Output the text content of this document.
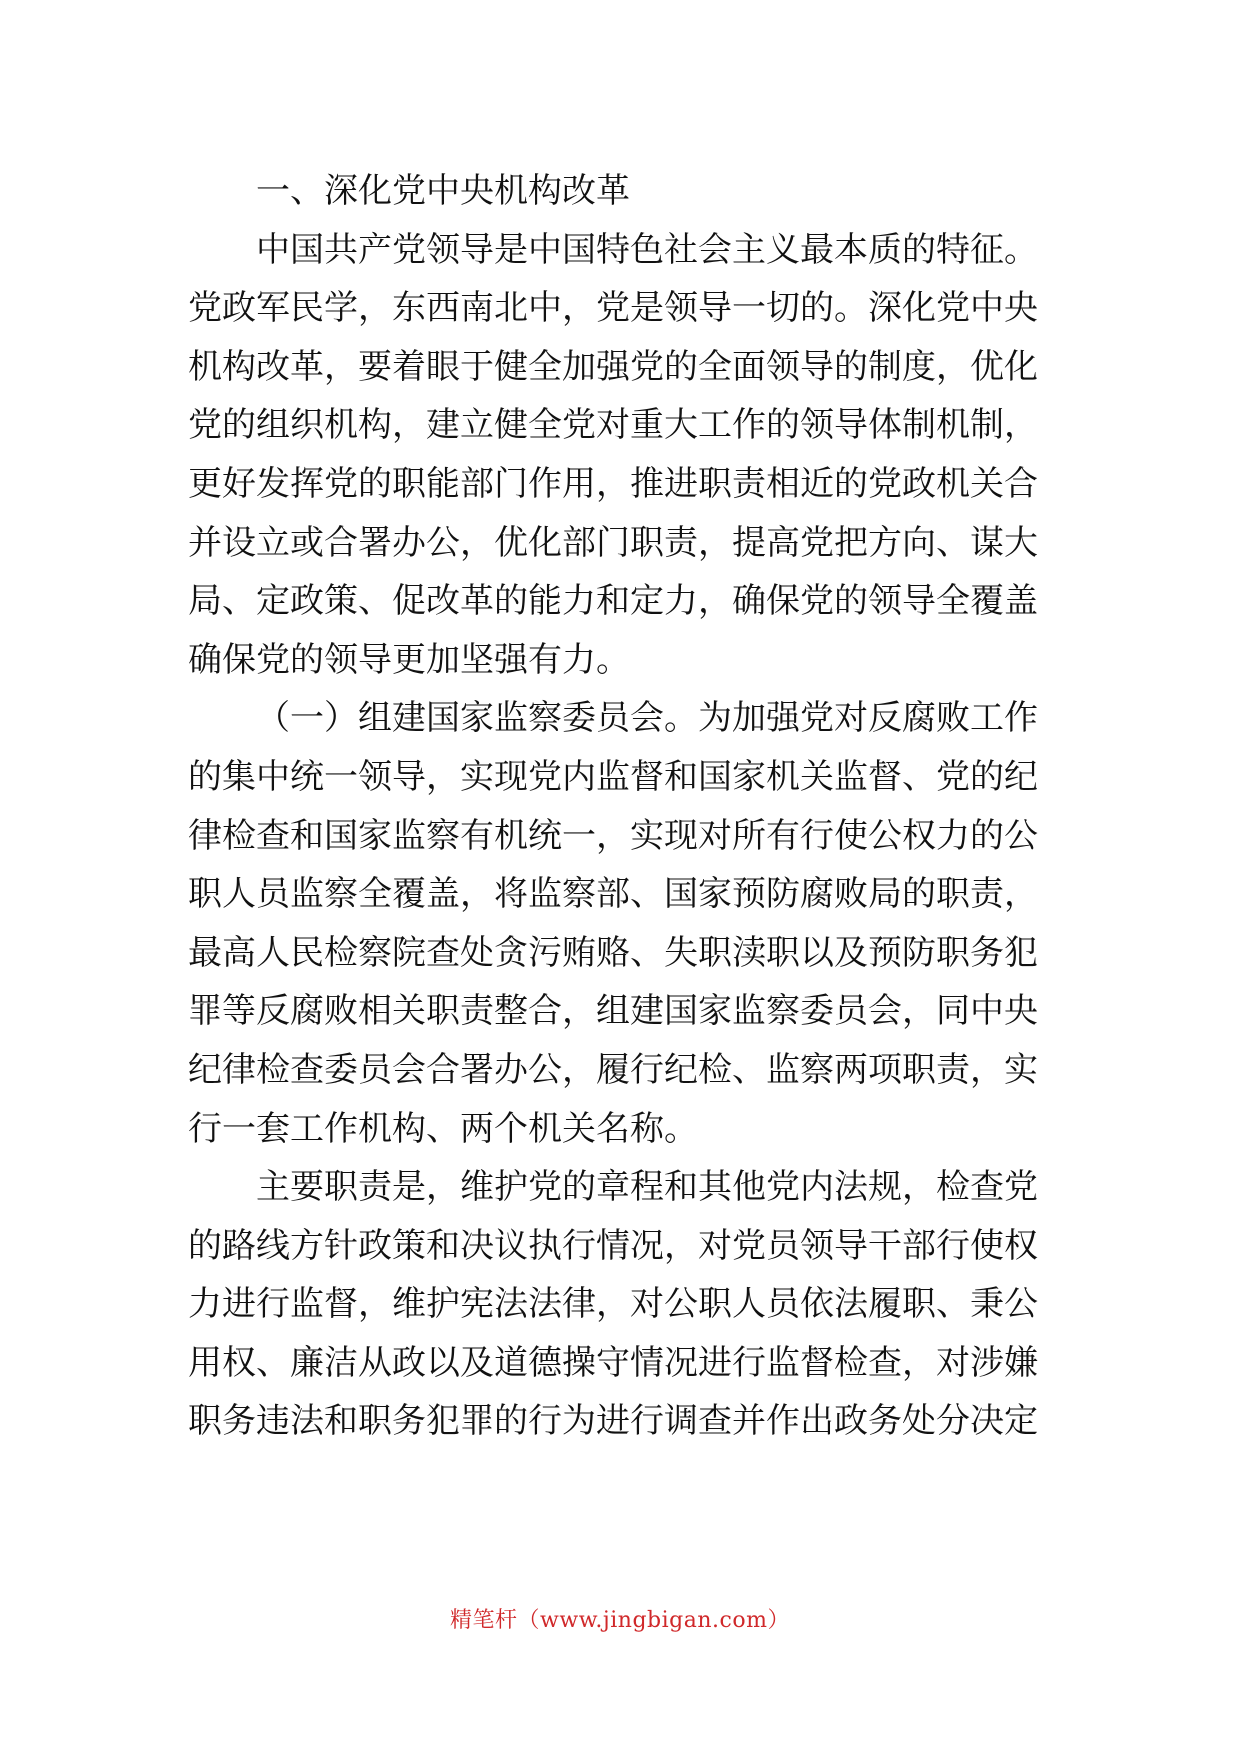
一、深化党中央机构改革
中国共产党领导是中国特色社会主义最本质的特征。
党政军民学，东西南北中，党是领导一切的。深化党中央
机构改革，要着眼于健全加强党的全面领导的制度，优化
党的组织机构，建立健全党对重大工作的领导体制机制，
更好发挥党的职能部门作用，推进职责相近的党政机关合
并设立或合署办公，优化部门职责，提高党把方向、谋大
局、定政策、促改革的能力和定力，确保党的领导全覆盖
确保党的领导更加坚强有力。
（一）组建国家监察委员会。为加强党对反腐败工作
的集中统一领导，实现党内监督和国家机关监督、党的纪
律检查和国家监察有机统一，实现对所有行使公权力的公
职人员监察全覆盖，将监察部、国家预防腐败局的职责，
最高人民检察院查处贪污贿赂、失职渎职以及预防职务犯
罪等反腐败相关职责整合，组建国家监察委员会，同中央
纪律检查委员会合署办公，履行纪检、监察两项职责，实
行一套工作机构、两个机关名称。
主要职责是，维护党的章程和其他党内法规，检查党
的路线方针政策和决议执行情况，对党员领导干部行使权
力进行监督，维护宪法法律，对公职人员依法履职、秉公
用权、廉洁从政以及道德操守情况进行监督检查，对涉嫌
职务违法和职务犯罪的行为进行调查并作出政务处分决定
精笔杆（www.jingbigan.com）
